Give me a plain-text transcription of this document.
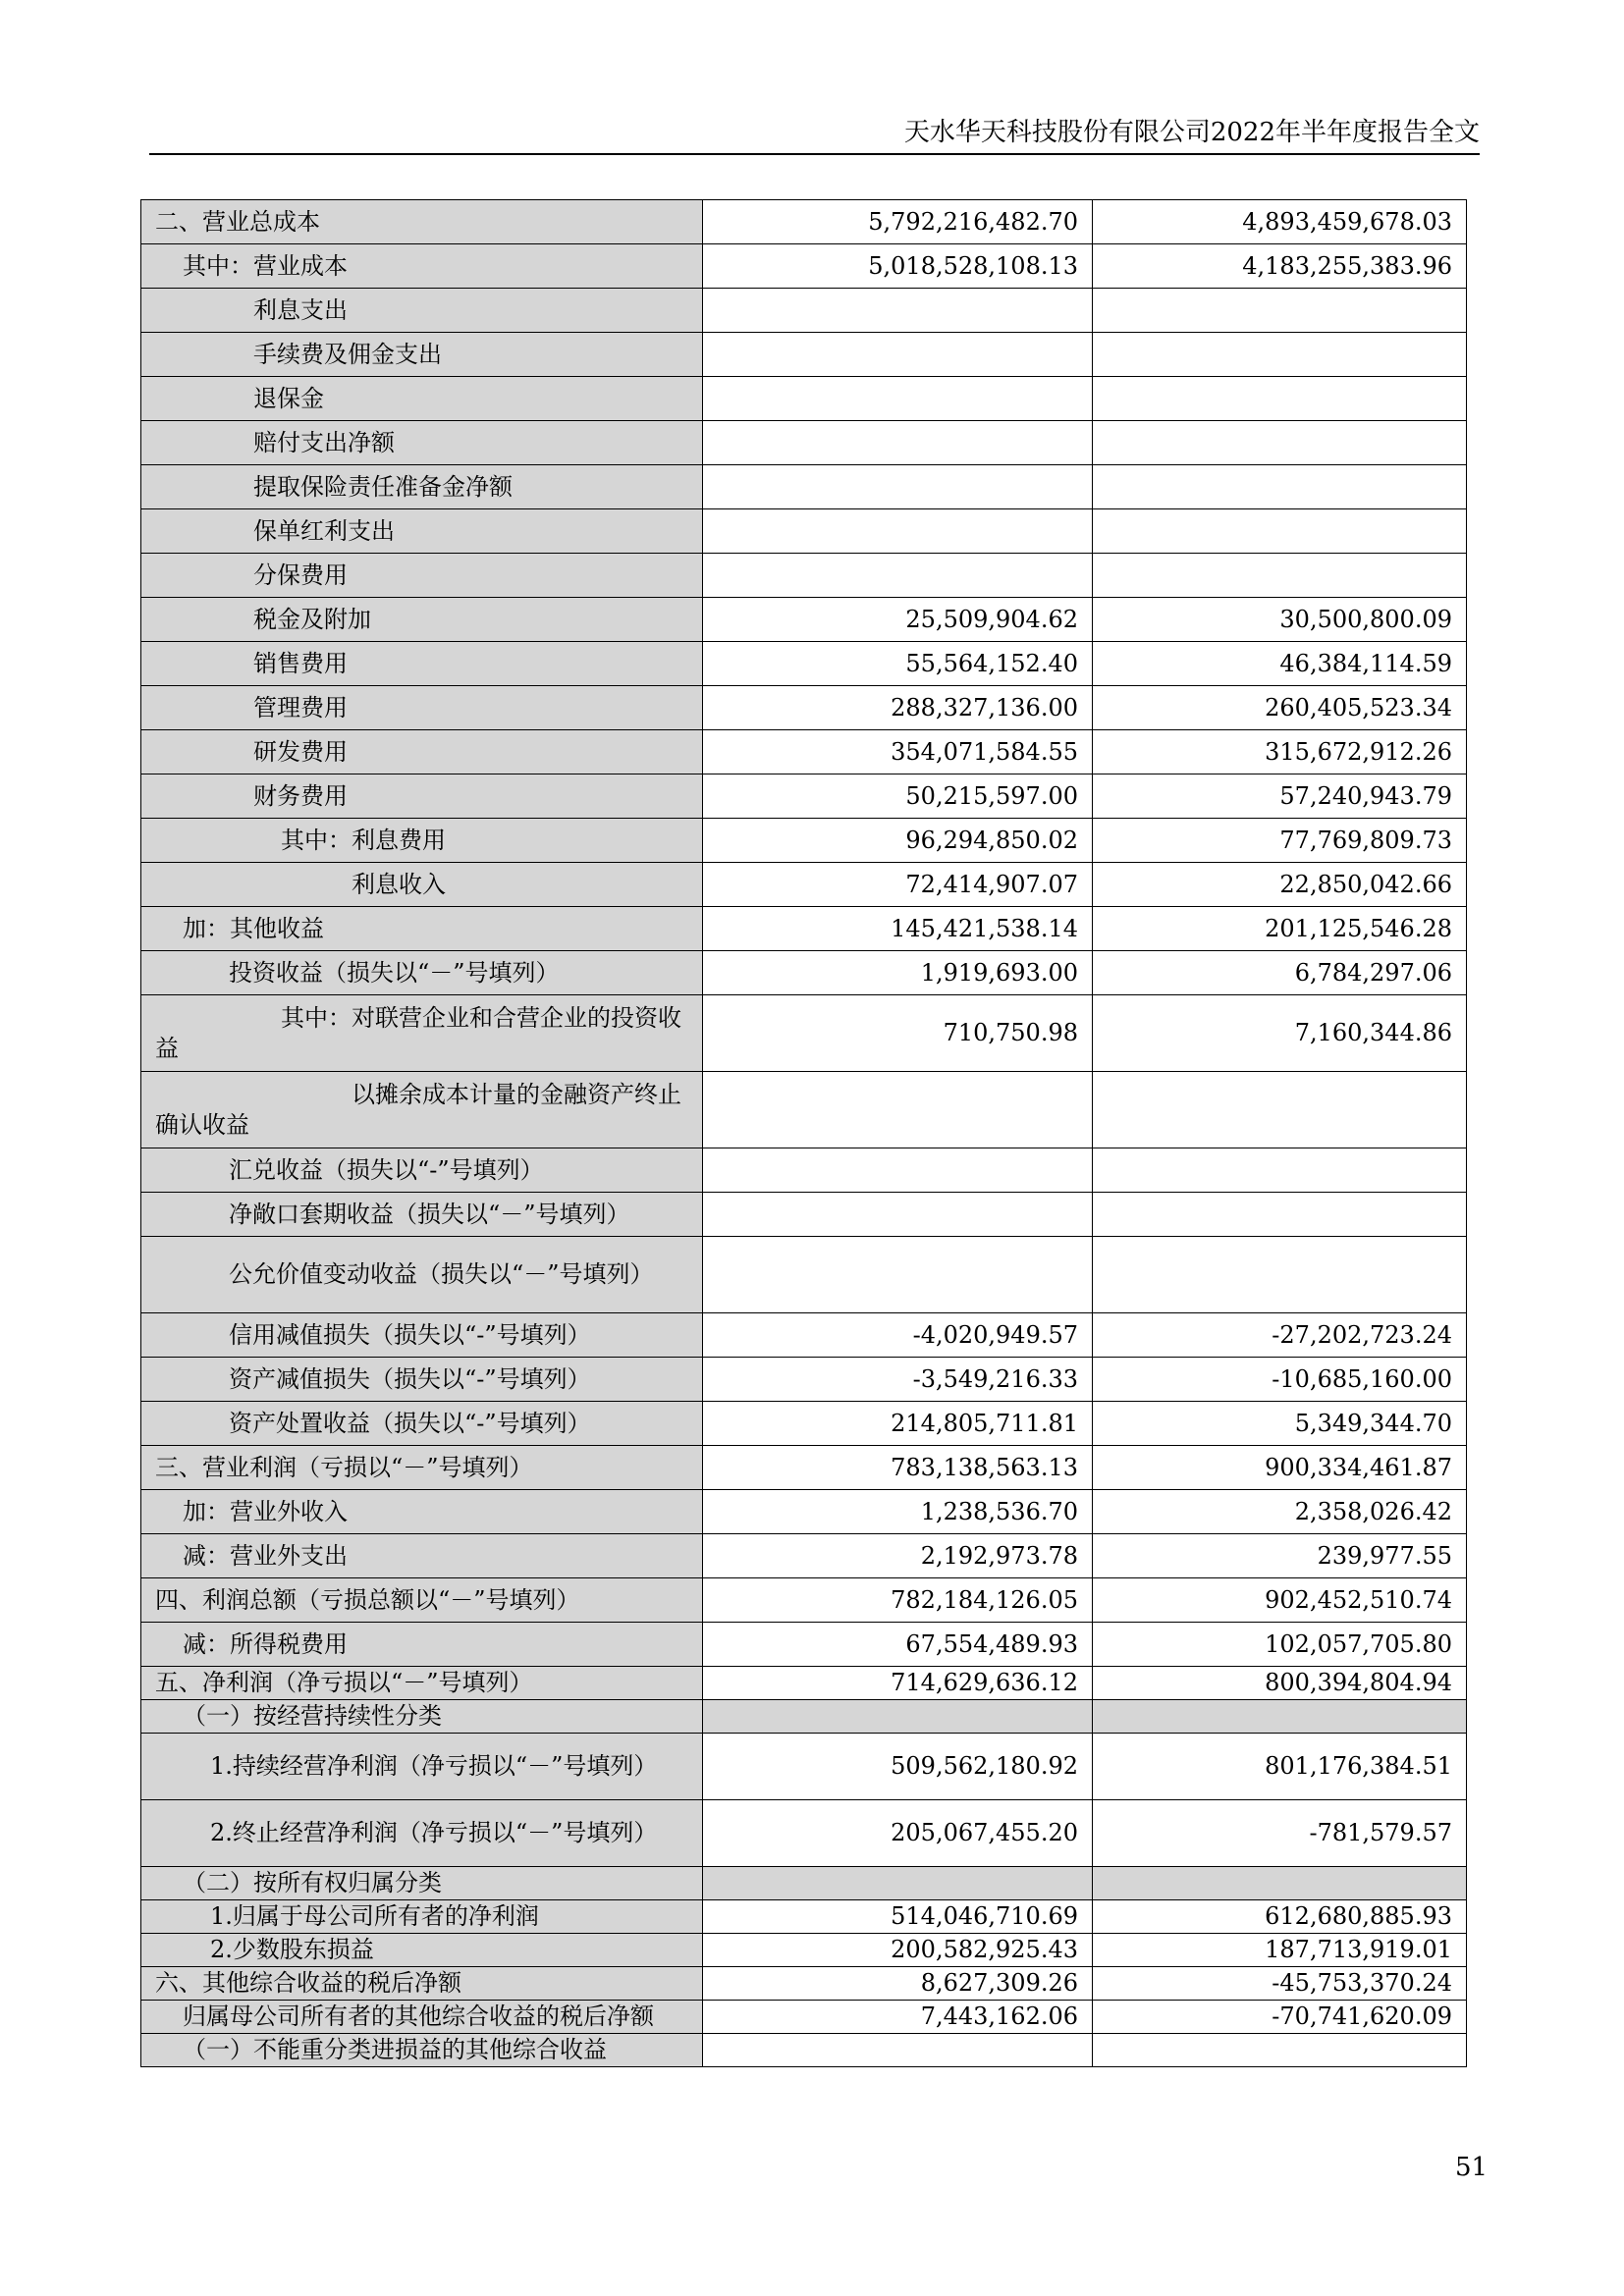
天水华天科技股份有限公司2022年半年度报告全文
二、营业总成本	5,792,216,482.70	4,893,459,678.03
其中：营业成本	5,018,528,108.13	4,183,255,383.96
利息支出		
手续费及佣金支出		
退保金		
赔付支出净额		
提取保险责任准备金净额		
保单红利支出		
分保费用		
税金及附加	25,509,904.62	30,500,800.09
销售费用	55,564,152.40	46,384,114.59
管理费用	288,327,136.00	260,405,523.34
研发费用	354,071,584.55	315,672,912.26
财务费用	50,215,597.00	57,240,943.79
其中：利息费用	96,294,850.02	77,769,809.73
利息收入	72,414,907.07	22,850,042.66
加：其他收益	145,421,538.14	201,125,546.28
投资收益（损失以“－”号填列）	1,919,693.00	6,784,297.06
其中：对联营企业和合营企业的投资收益	710,750.98	7,160,344.86
以摊余成本计量的金融资产终止确认收益		
汇兑收益（损失以“-”号填列）		
净敞口套期收益（损失以“－”号填列）		
公允价值变动收益（损失以“－”号填列）		
信用减值损失（损失以“-”号填列）	-4,020,949.57	-27,202,723.24
资产减值损失（损失以“-”号填列）	-3,549,216.33	-10,685,160.00
资产处置收益（损失以“-”号填列）	214,805,711.81	5,349,344.70
三、营业利润（亏损以“－”号填列）	783,138,563.13	900,334,461.87
加：营业外收入	1,238,536.70	2,358,026.42
减：营业外支出	2,192,973.78	239,977.55
四、利润总额（亏损总额以“－”号填列）	782,184,126.05	902,452,510.74
减：所得税费用	67,554,489.93	102,057,705.80
五、净利润（净亏损以“－”号填列）	714,629,636.12	800,394,804.94
（一）按经营持续性分类		
1.持续经营净利润（净亏损以“－”号填列）	509,562,180.92	801,176,384.51
2.终止经营净利润（净亏损以“－”号填列）	205,067,455.20	-781,579.57
（二）按所有权归属分类		
1.归属于母公司所有者的净利润	514,046,710.69	612,680,885.93
2.少数股东损益	200,582,925.43	187,713,919.01
六、其他综合收益的税后净额	8,627,309.26	-45,753,370.24
归属母公司所有者的其他综合收益的税后净额	7,443,162.06	-70,741,620.09
（一）不能重分类进损益的其他综合收益		
51
